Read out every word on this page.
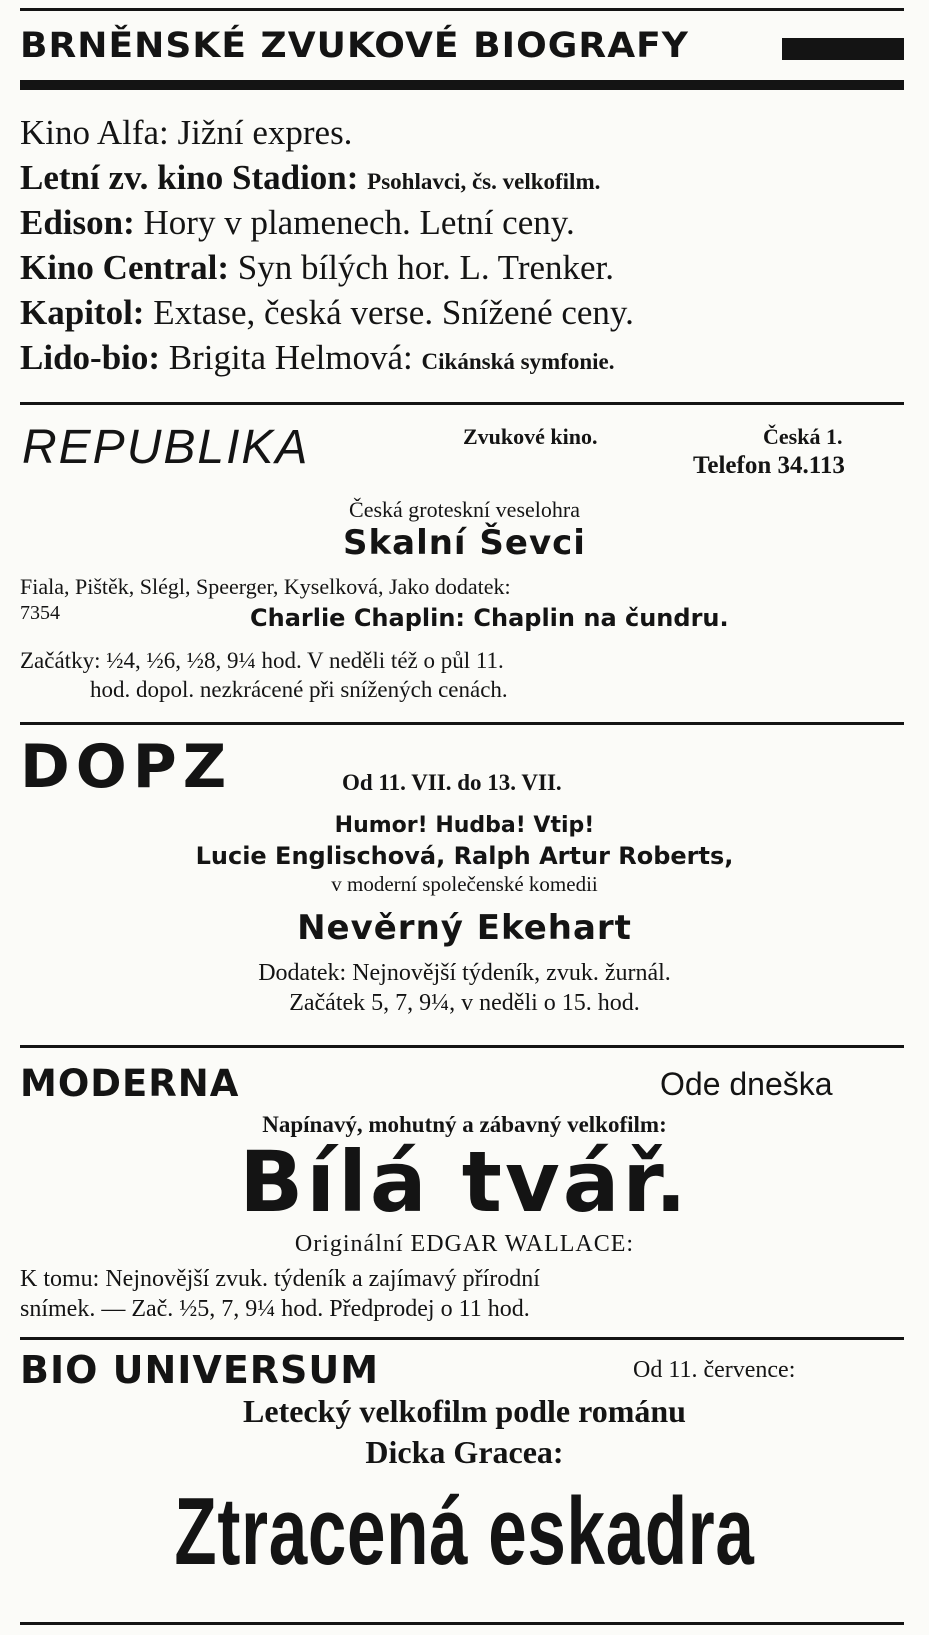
BRNĚNSKÉ ZVUKOVÉ BIOGRAFY
Kino Alfa: Jižní expres.
Letní zv. kino Stadion: Psohlavci, čs. velkofilm.
Edison: Hory v plamenech. Letní ceny.
Kino Central: Syn bílých hor. L. Trenker.
Kapitol: Extase, česká verse. Snížené ceny.
Lido-bio: Brigita Helmová: Cikánská symfonie.
REPUBLIKA	Zvukové kino.	Česká 1.
Telefon 34.113
Česká groteskní veselohra
Skalní Ševci
Fiala, Pištěk, Slégl, Speerger, Kyselková, Jako dodatek:
7354	Charlie Chaplin: Chaplin na čundru.
Začátky: ½4, ½6, ½8, 9¼ hod. V neděli též o půl 11.
hod. dopol. nezkrácené při snížených cenách.
DOPZ	Od 11. VII. do 13. VII.
Humor! Hudba! Vtip!
Lucie Englischová, Ralph Artur Roberts,
v moderní společenské komedii
Nevěrný Ekehart
Dodatek: Nejnovější týdeník, zvuk. žurnál.
Začátek 5, 7, 9¼, v neděli o 15. hod.
MODERNA	Ode dneška
Napínavý, mohutný a zábavný velkofilm:
Bílá tvář.
Originální EDGAR WALLACE:
K tomu: Nejnovější zvuk. týdeník a zajímavý přírodní
snímek. — Zač. ½5, 7, 9¼ hod. Předprodej o 11 hod.
BIO UNIVERSUM	Od 11. července:
Letecký velkofilm podle románu
Dicka Gracea:
Ztracená eskadra
